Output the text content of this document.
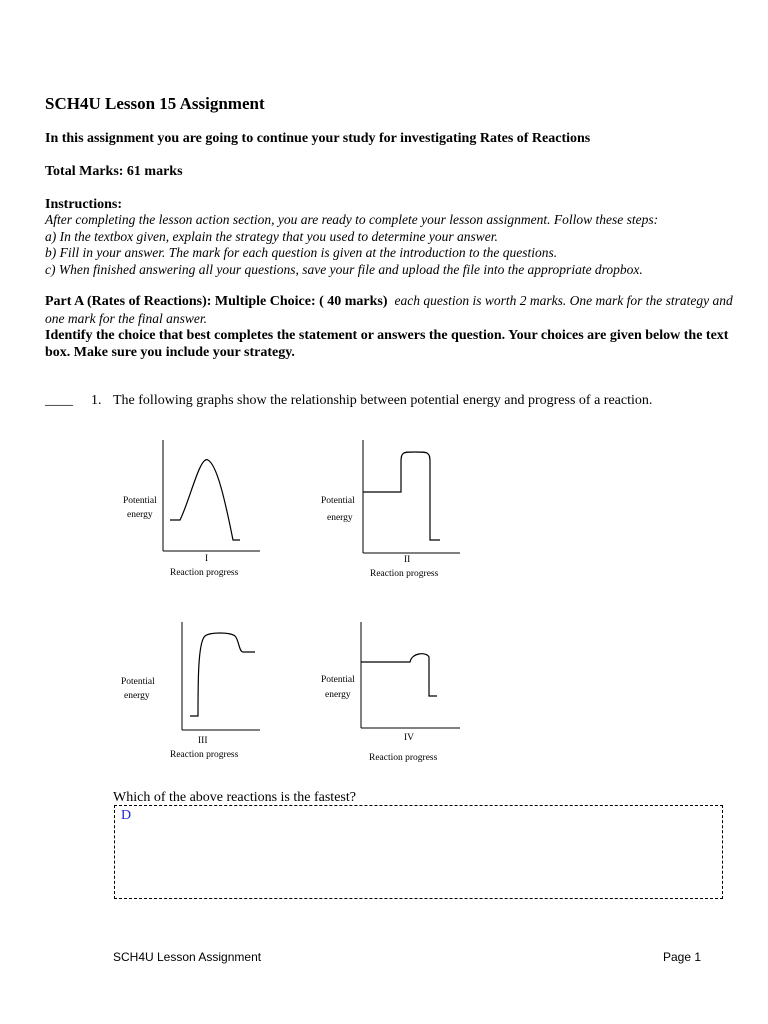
SCH4U Lesson 15 Assignment
In this assignment you are going to continue your study for investigating Rates of Reactions
Total Marks: 61 marks
Instructions:
After completing the lesson action section, you are ready to complete your lesson assignment. Follow these steps:
a) In the textbox given, explain the strategy that you used to determine your answer.
b) Fill in your answer. The mark for each question is given at the introduction to the questions.
c) When finished answering all your questions, save your file and upload the file into the appropriate dropbox.
Part A (Rates of Reactions): Multiple Choice: ( 40 marks) each question is worth 2 marks. One mark for the strategy and one mark for the final answer.
Identify the choice that best completes the statement or answers the question. Your choices are given below the text box. Make sure you include your strategy.
____ 1. The following graphs show the relationship between potential energy and progress of a reaction.
Potential
energy
I
Reaction progress
Potential
energy
II
Reaction progress
Potential
energy
III
Reaction progress
Potential
energy
IV
Reaction progress
Which of the above reactions is the fastest?
D
SCH4U Lesson Assignment	Page 1
